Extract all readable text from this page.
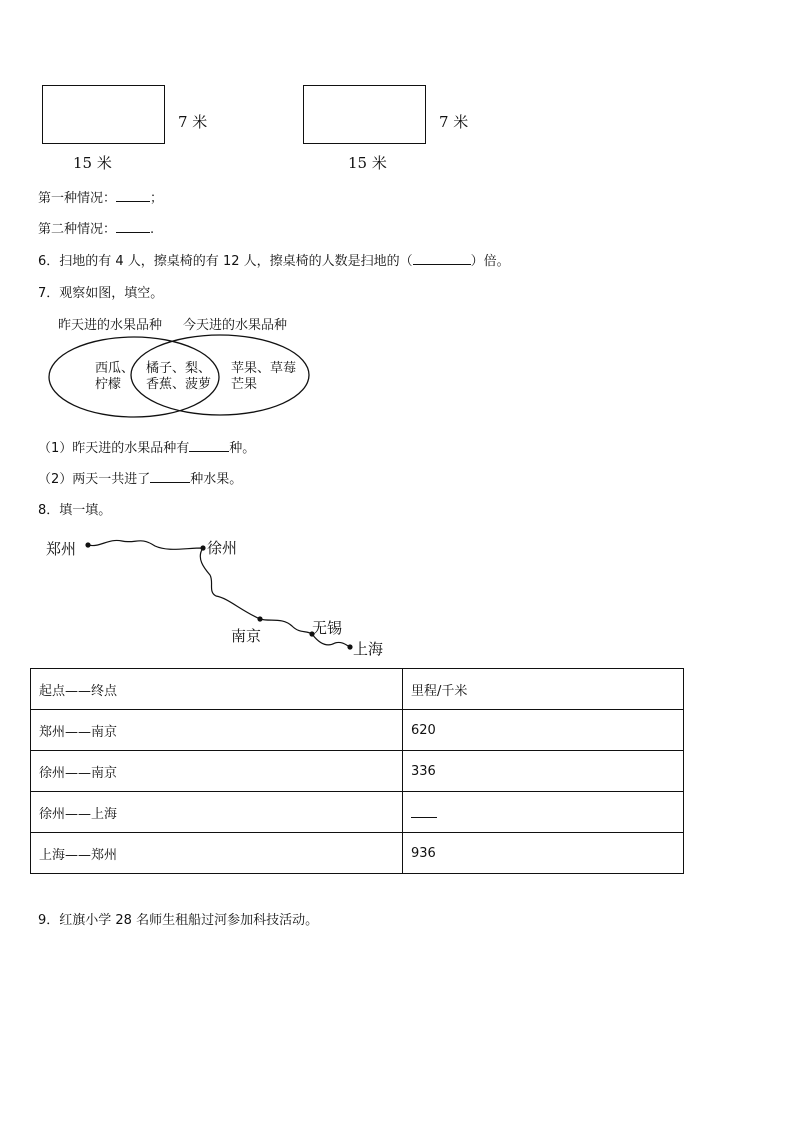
7 米
15 米
7 米
15 米
第一种情况：	；
第二种情况：	.
6．扫地的有 4 人，擦桌椅的有 12 人，擦桌椅的人数是扫地的（	）倍。
7．观察如图，填空。
昨天进的水果品种 今天进的水果品种
西瓜、
柠檬
橘子、梨、
香蕉、菠萝
苹果、草莓
芒果
（1）昨天进的水果品种有	种。
（2）两天一共进了	种水果。
8．填一填。
郑州	徐州
南京	无锡
上海
起点——终点	里程/千米
郑州——南京	620
徐州——南京	336
徐州——上海	
上海——郑州	936
9．红旗小学 28 名师生租船过河参加科技活动。
